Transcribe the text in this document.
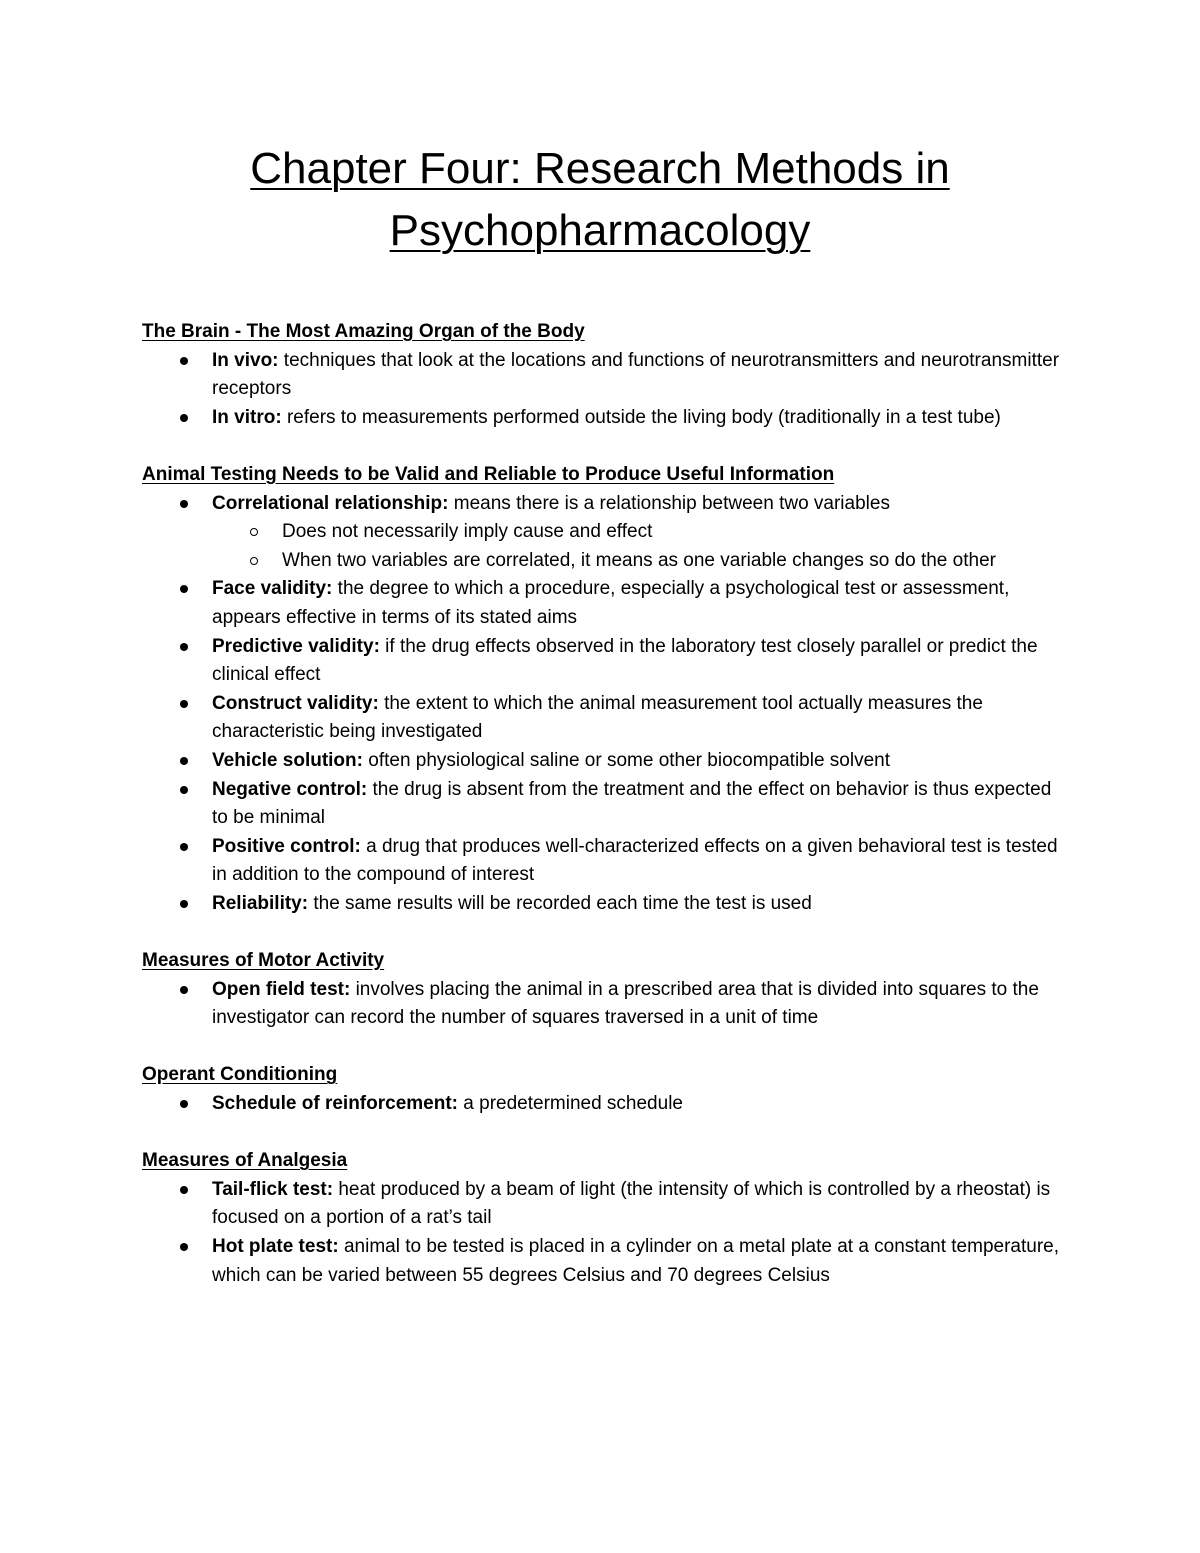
Chapter Four: Research Methods in
Psychopharmacology
The Brain - The Most Amazing Organ of the Body
In vivo: techniques that look at the locations and functions of neurotransmitters and neurotransmitter receptors
In vitro: refers to measurements performed outside the living body (traditionally in a test tube)
Animal Testing Needs to be Valid and Reliable to Produce Useful Information
Correlational relationship: means there is a relationship between two variables
Does not necessarily imply cause and effect
When two variables are correlated, it means as one variable changes so do the other
Face validity: the degree to which a procedure, especially a psychological test or assessment, appears effective in terms of its stated aims
Predictive validity: if the drug effects observed in the laboratory test closely parallel or predict the clinical effect
Construct validity: the extent to which the animal measurement tool actually measures the characteristic being investigated
Vehicle solution: often physiological saline or some other biocompatible solvent
Negative control: the drug is absent from the treatment and the effect on behavior is thus expected to be minimal
Positive control: a drug that produces well-characterized effects on a given behavioral test is tested in addition to the compound of interest
Reliability: the same results will be recorded each time the test is used
Measures of Motor Activity
Open field test: involves placing the animal in a prescribed area that is divided into squares to the investigator can record the number of squares traversed in a unit of time
Operant Conditioning
Schedule of reinforcement: a predetermined schedule
Measures of Analgesia
Tail-flick test: heat produced by a beam of light (the intensity of which is controlled by a rheostat) is focused on a portion of a rat’s tail
Hot plate test: animal to be tested is placed in a cylinder on a metal plate at a constant temperature, which can be varied between 55 degrees Celsius and 70 degrees Celsius
